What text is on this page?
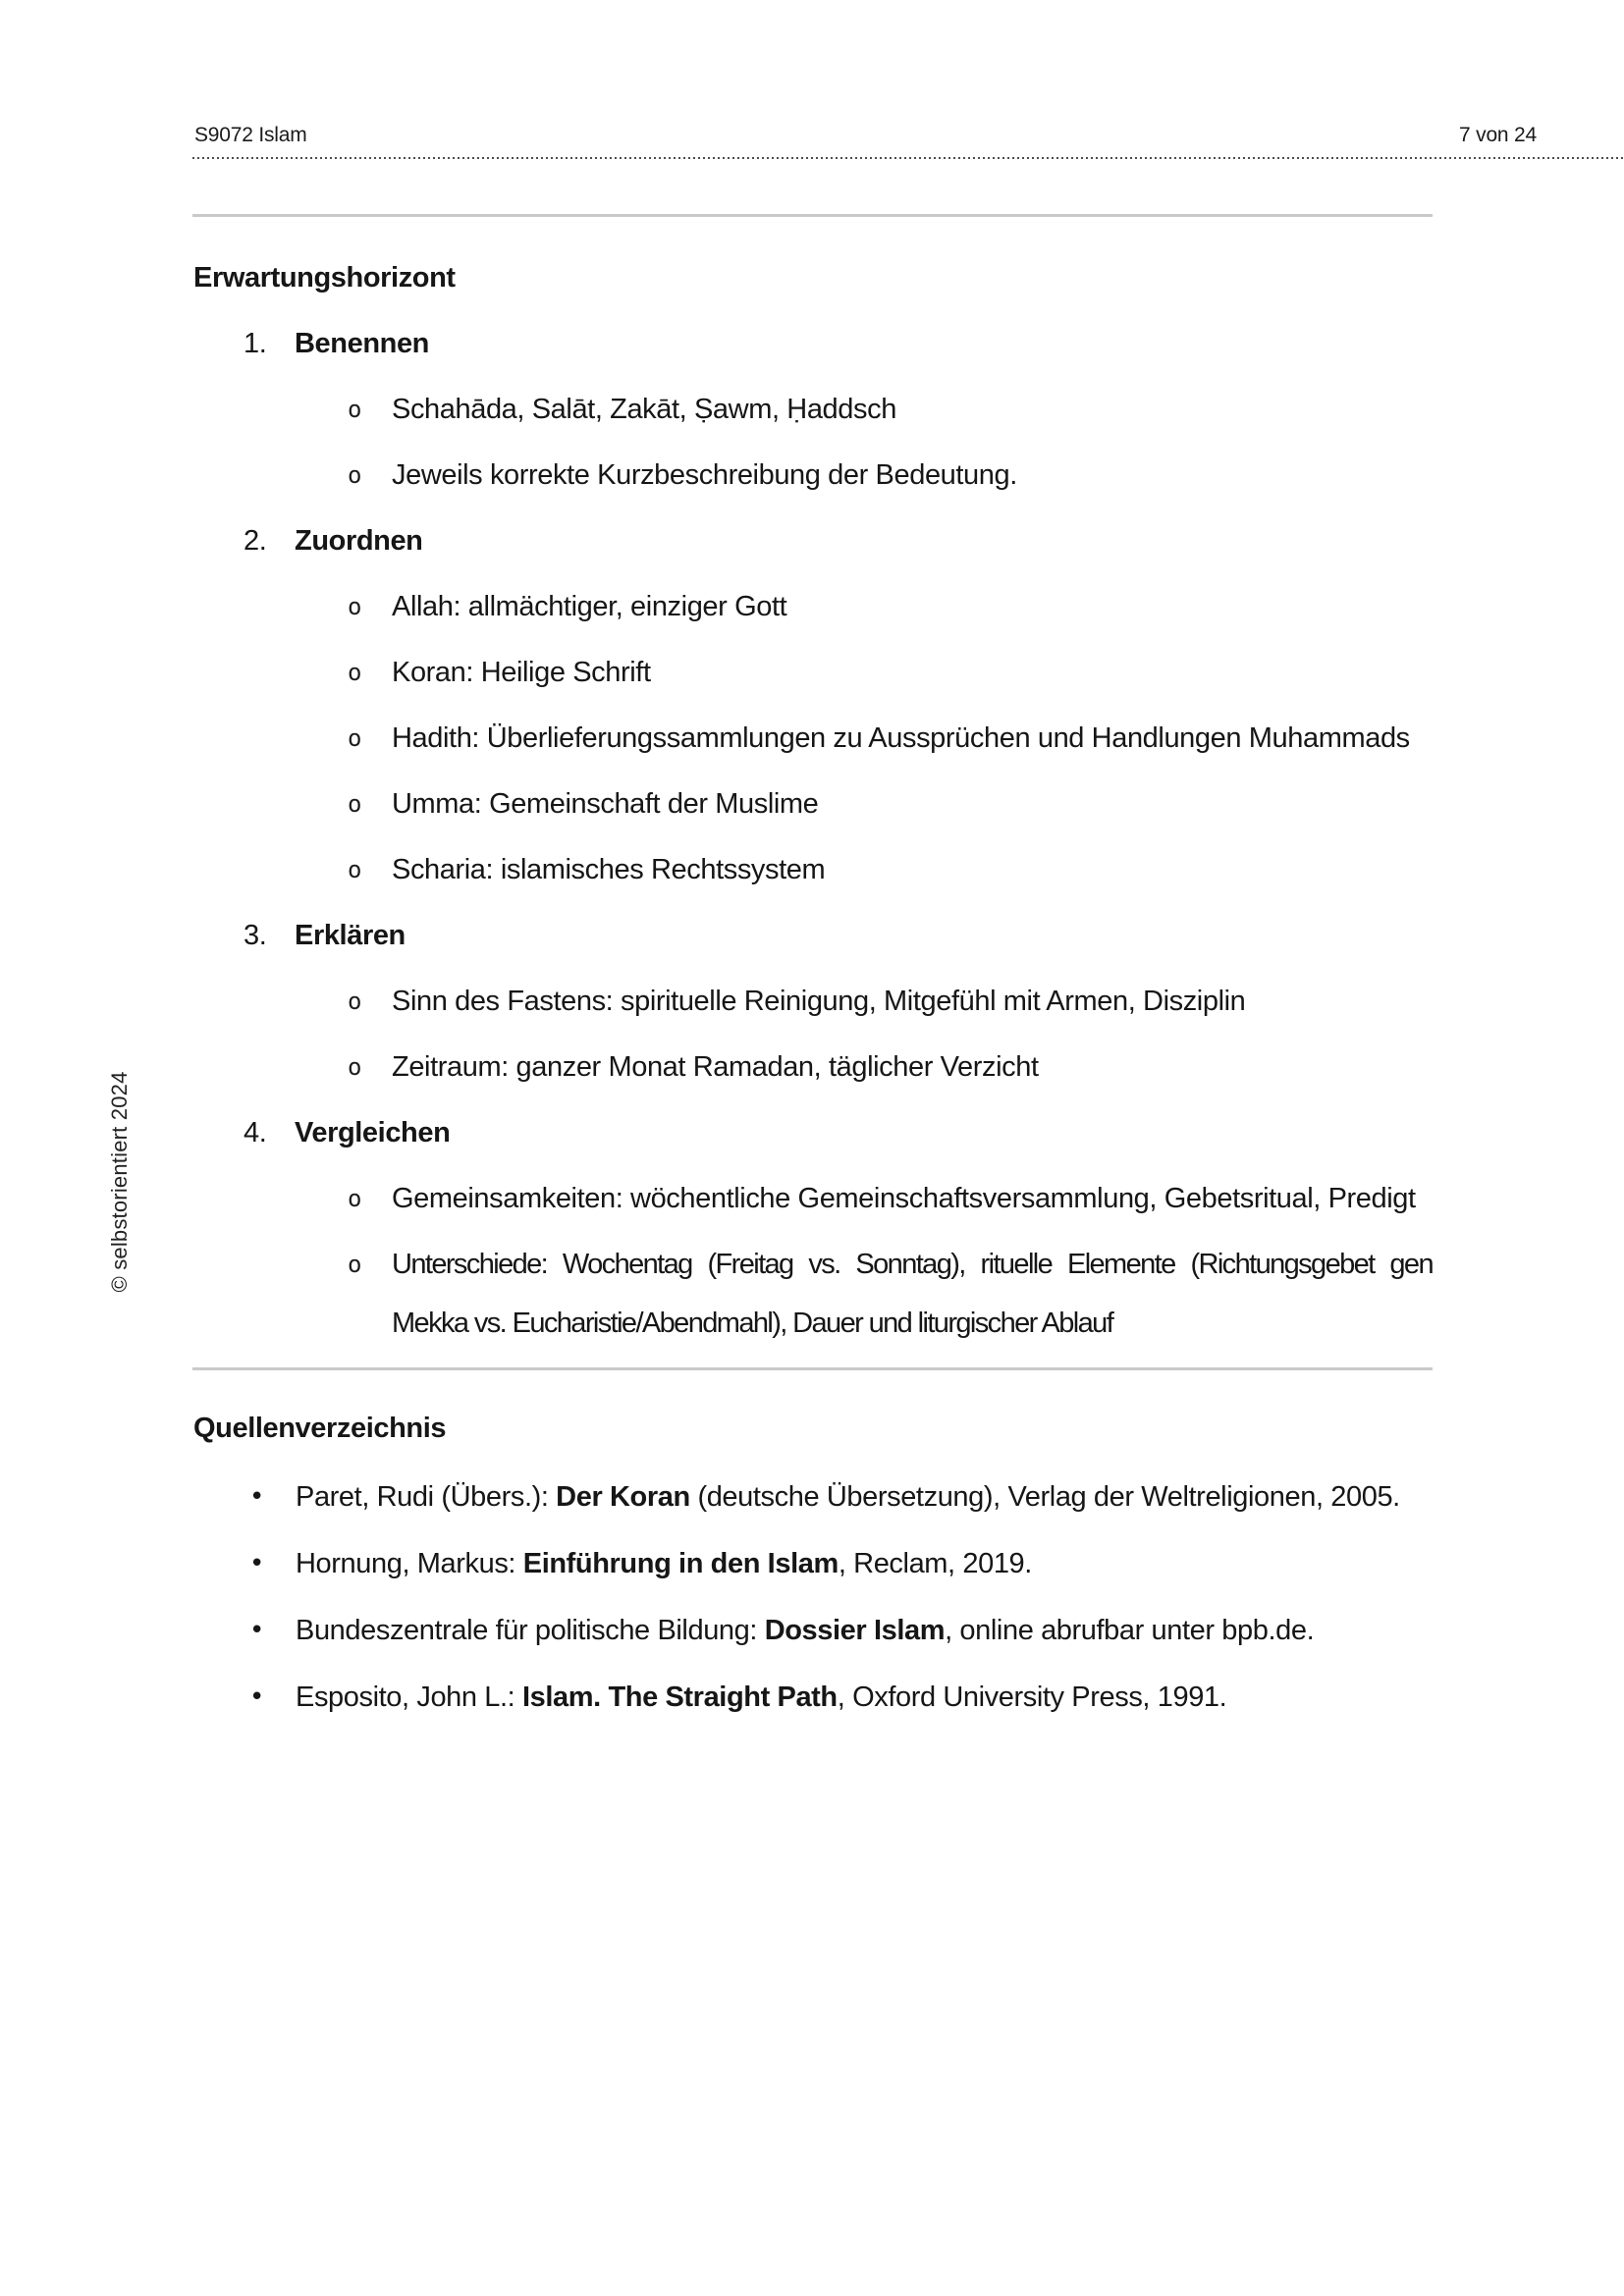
S9072 Islam	7 von 24
© selbstorientiert 2024
Erwartungshorizont
1. Benennen
o	Schahāda, Salāt, Zakāt, Ṣawm, Ḥaddsch
o	Jeweils korrekte Kurzbeschreibung der Bedeutung.
2. Zuordnen
o	Allah: allmächtiger, einziger Gott
o	Koran: Heilige Schrift
o	Hadith: Überlieferungssammlungen zu Aussprüchen und Handlungen Muhammads
o	Umma: Gemeinschaft der Muslime
o	Scharia: islamisches Rechtssystem
3. Erklären
o	Sinn des Fastens: spirituelle Reinigung, Mitgefühl mit Armen, Disziplin
o	Zeitraum: ganzer Monat Ramadan, täglicher Verzicht
4. Vergleichen
o	Gemeinsamkeiten: wöchentliche Gemeinschaftsversammlung, Gebetsritual, Predigt
o	Unterschiede: Wochentag (Freitag vs. Sonntag), rituelle Elemente (Richtungsgebet gen
Mekka vs. Eucharistie/Abendmahl), Dauer und liturgischer Ablauf
Quellenverzeichnis
•	Paret, Rudi (Übers.): Der Koran (deutsche Übersetzung), Verlag der Weltreligionen, 2005.
•	Hornung, Markus: Einführung in den Islam, Reclam, 2019.
•	Bundeszentrale für politische Bildung: Dossier Islam, online abrufbar unter bpb.de.
•	Esposito, John L.: Islam. The Straight Path, Oxford University Press, 1991.
